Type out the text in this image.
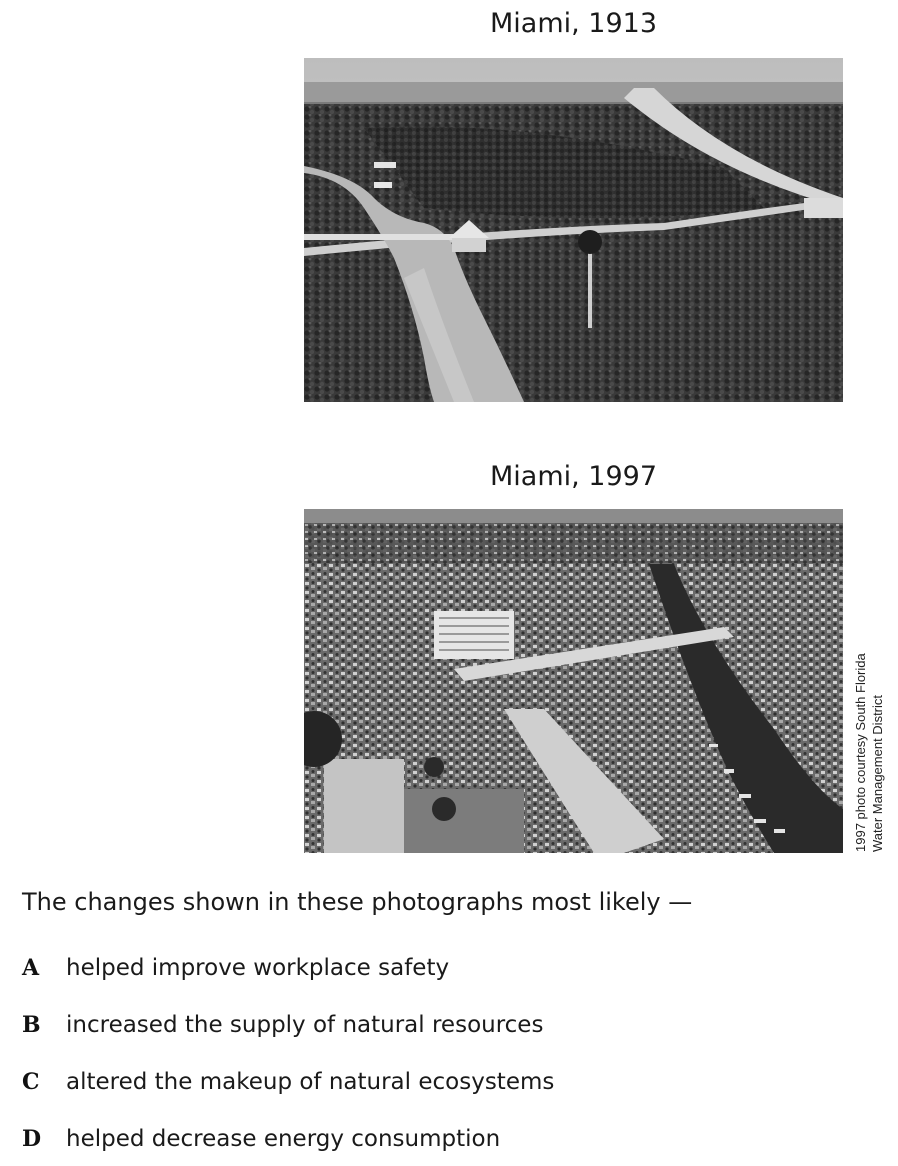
Miami, 1913
Miami, 1997
1997 photo courtesy South Florida Water Management District
The changes shown in these photographs most likely —
A	helped improve workplace safety
B	increased the supply of natural resources
C	altered the makeup of natural ecosystems
D	helped decrease energy consumption
